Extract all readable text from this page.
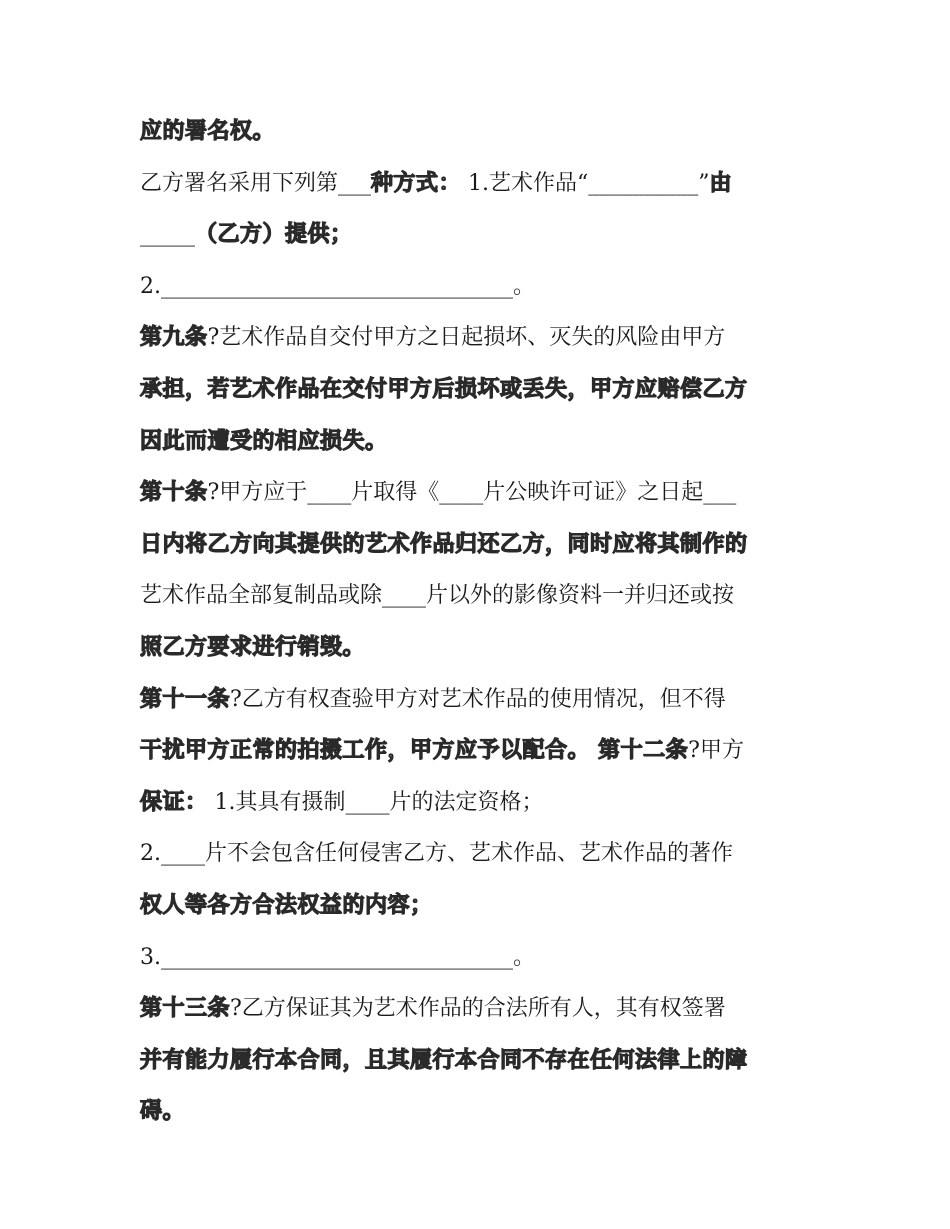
应的署名权。
乙方署名采用下列第___种方式： 1.艺术作品“__________”由
_____（乙方）提供；
2.________________________________。
第九条?艺术作品自交付甲方之日起损坏、灭失的风险由甲方
承担，若艺术作品在交付甲方后损坏或丢失，甲方应赔偿乙方
因此而遭受的相应损失。
第十条?甲方应于____片取得《____片公映许可证》之日起___
日内将乙方向其提供的艺术作品归还乙方，同时应将其制作的
艺术作品全部复制品或除____片以外的影像资料一并归还或按
照乙方要求进行销毁。
第十一条?乙方有权查验甲方对艺术作品的使用情况，但不得
干扰甲方正常的拍摄工作，甲方应予以配合。 第十二条?甲方
保证： 1.其具有摄制____片的法定资格；
2.____片不会包含任何侵害乙方、艺术作品、艺术作品的著作
权人等各方合法权益的内容；
3.________________________________。
第十三条?乙方保证其为艺术作品的合法所有人，其有权签署
并有能力履行本合同，且其履行本合同不存在任何法律上的障
碍。
